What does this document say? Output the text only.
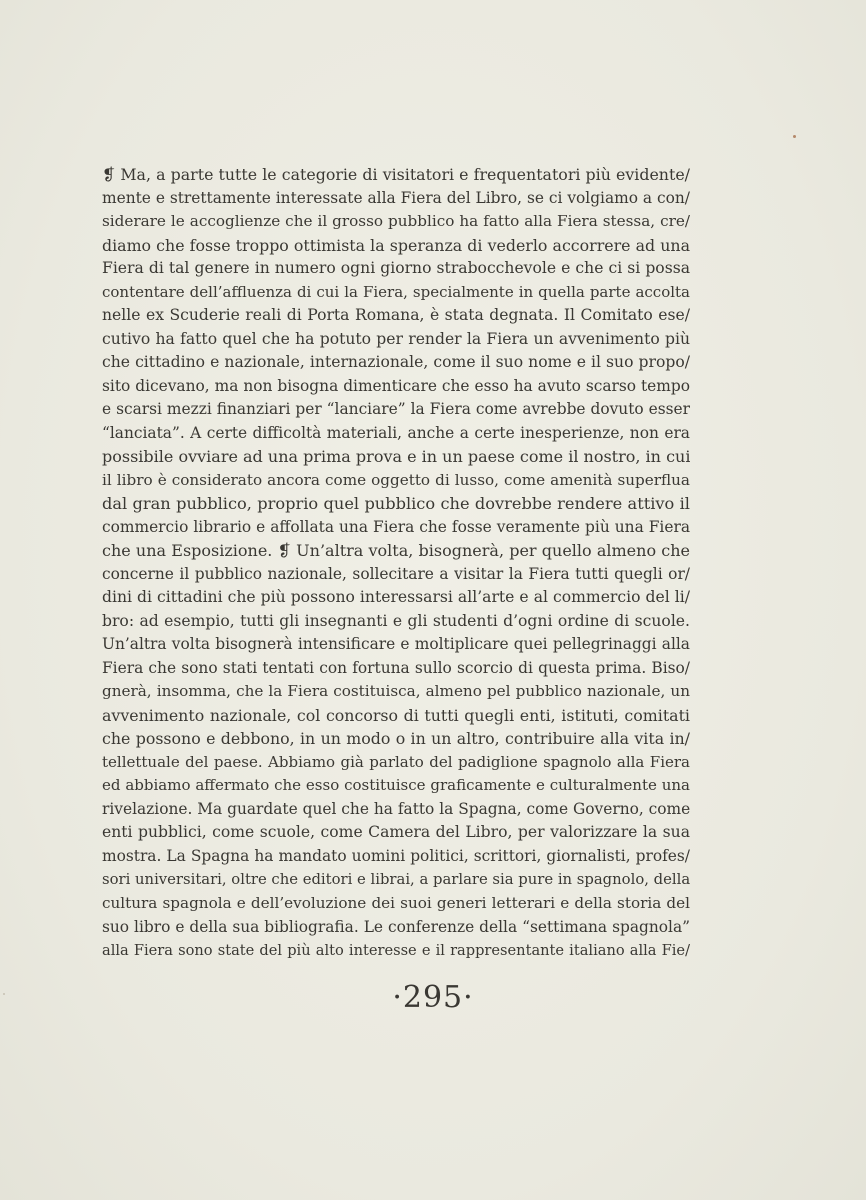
❡ Ma, a parte tutte le categorie di visitatori e frequentatori più evidente/
mente e strettamente interessate alla Fiera del Libro, se ci volgiamo a con/
siderare le accoglienze che il grosso pubblico ha fatto alla Fiera stessa, cre/
diamo che fosse troppo ottimista la speranza di vederlo accorrere ad una
Fiera di tal genere in numero ogni giorno strabocchevole e che ci si possa
contentare dell’affluenza di cui la Fiera, specialmente in quella parte accolta
nelle ex Scuderie reali di Porta Romana, è stata degnata. Il Comitato ese/
cutivo ha fatto quel che ha potuto per render la Fiera un avvenimento più
che cittadino e nazionale, internazionale, come il suo nome e il suo propo/
sito dicevano, ma non bisogna dimenticare che esso ha avuto scarso tempo
e scarsi mezzi finanziari per “lanciare” la Fiera come avrebbe dovuto esser
“lanciata”. A certe difficoltà materiali, anche a certe inesperienze, non era
possibile ovviare ad una prima prova e in un paese come il nostro, in cui
il libro è considerato ancora come oggetto di lusso, come amenità superflua
dal gran pubblico, proprio quel pubblico che dovrebbe rendere attivo il
commercio librario e affollata una Fiera che fosse veramente più una Fiera
che una Esposizione. ❡ Un’altra volta, bisognerà, per quello almeno che
concerne il pubblico nazionale, sollecitare a visitar la Fiera tutti quegli or/
dini di cittadini che più possono interessarsi all’arte e al commercio del li/
bro: ad esempio, tutti gli insegnanti e gli studenti d’ogni ordine di scuole.
Un’altra volta bisognerà intensificare e moltiplicare quei pellegrinaggi alla
Fiera che sono stati tentati con fortuna sullo scorcio di questa prima. Biso/
gnerà, insomma, che la Fiera costituisca, almeno pel pubblico nazionale, un
avvenimento nazionale, col concorso di tutti quegli enti, istituti, comitati
che possono e debbono, in un modo o in un altro, contribuire alla vita in/
tellettuale del paese. Abbiamo già parlato del padiglione spagnolo alla Fiera
ed abbiamo affermato che esso costituisce graficamente e culturalmente una
rivelazione. Ma guardate quel che ha fatto la Spagna, come Governo, come
enti pubblici, come scuole, come Camera del Libro, per valorizzare la sua
mostra. La Spagna ha mandato uomini politici, scrittori, giornalisti, profes/
sori universitari, oltre che editori e librai, a parlare sia pure in spagnolo, della
cultura spagnola e dell’evoluzione dei suoi generi letterari e della storia del
suo libro e della sua bibliografia. Le conferenze della “settimana spagnola”
alla Fiera sono state del più alto interesse e il rappresentante italiano alla Fie/
·295·
